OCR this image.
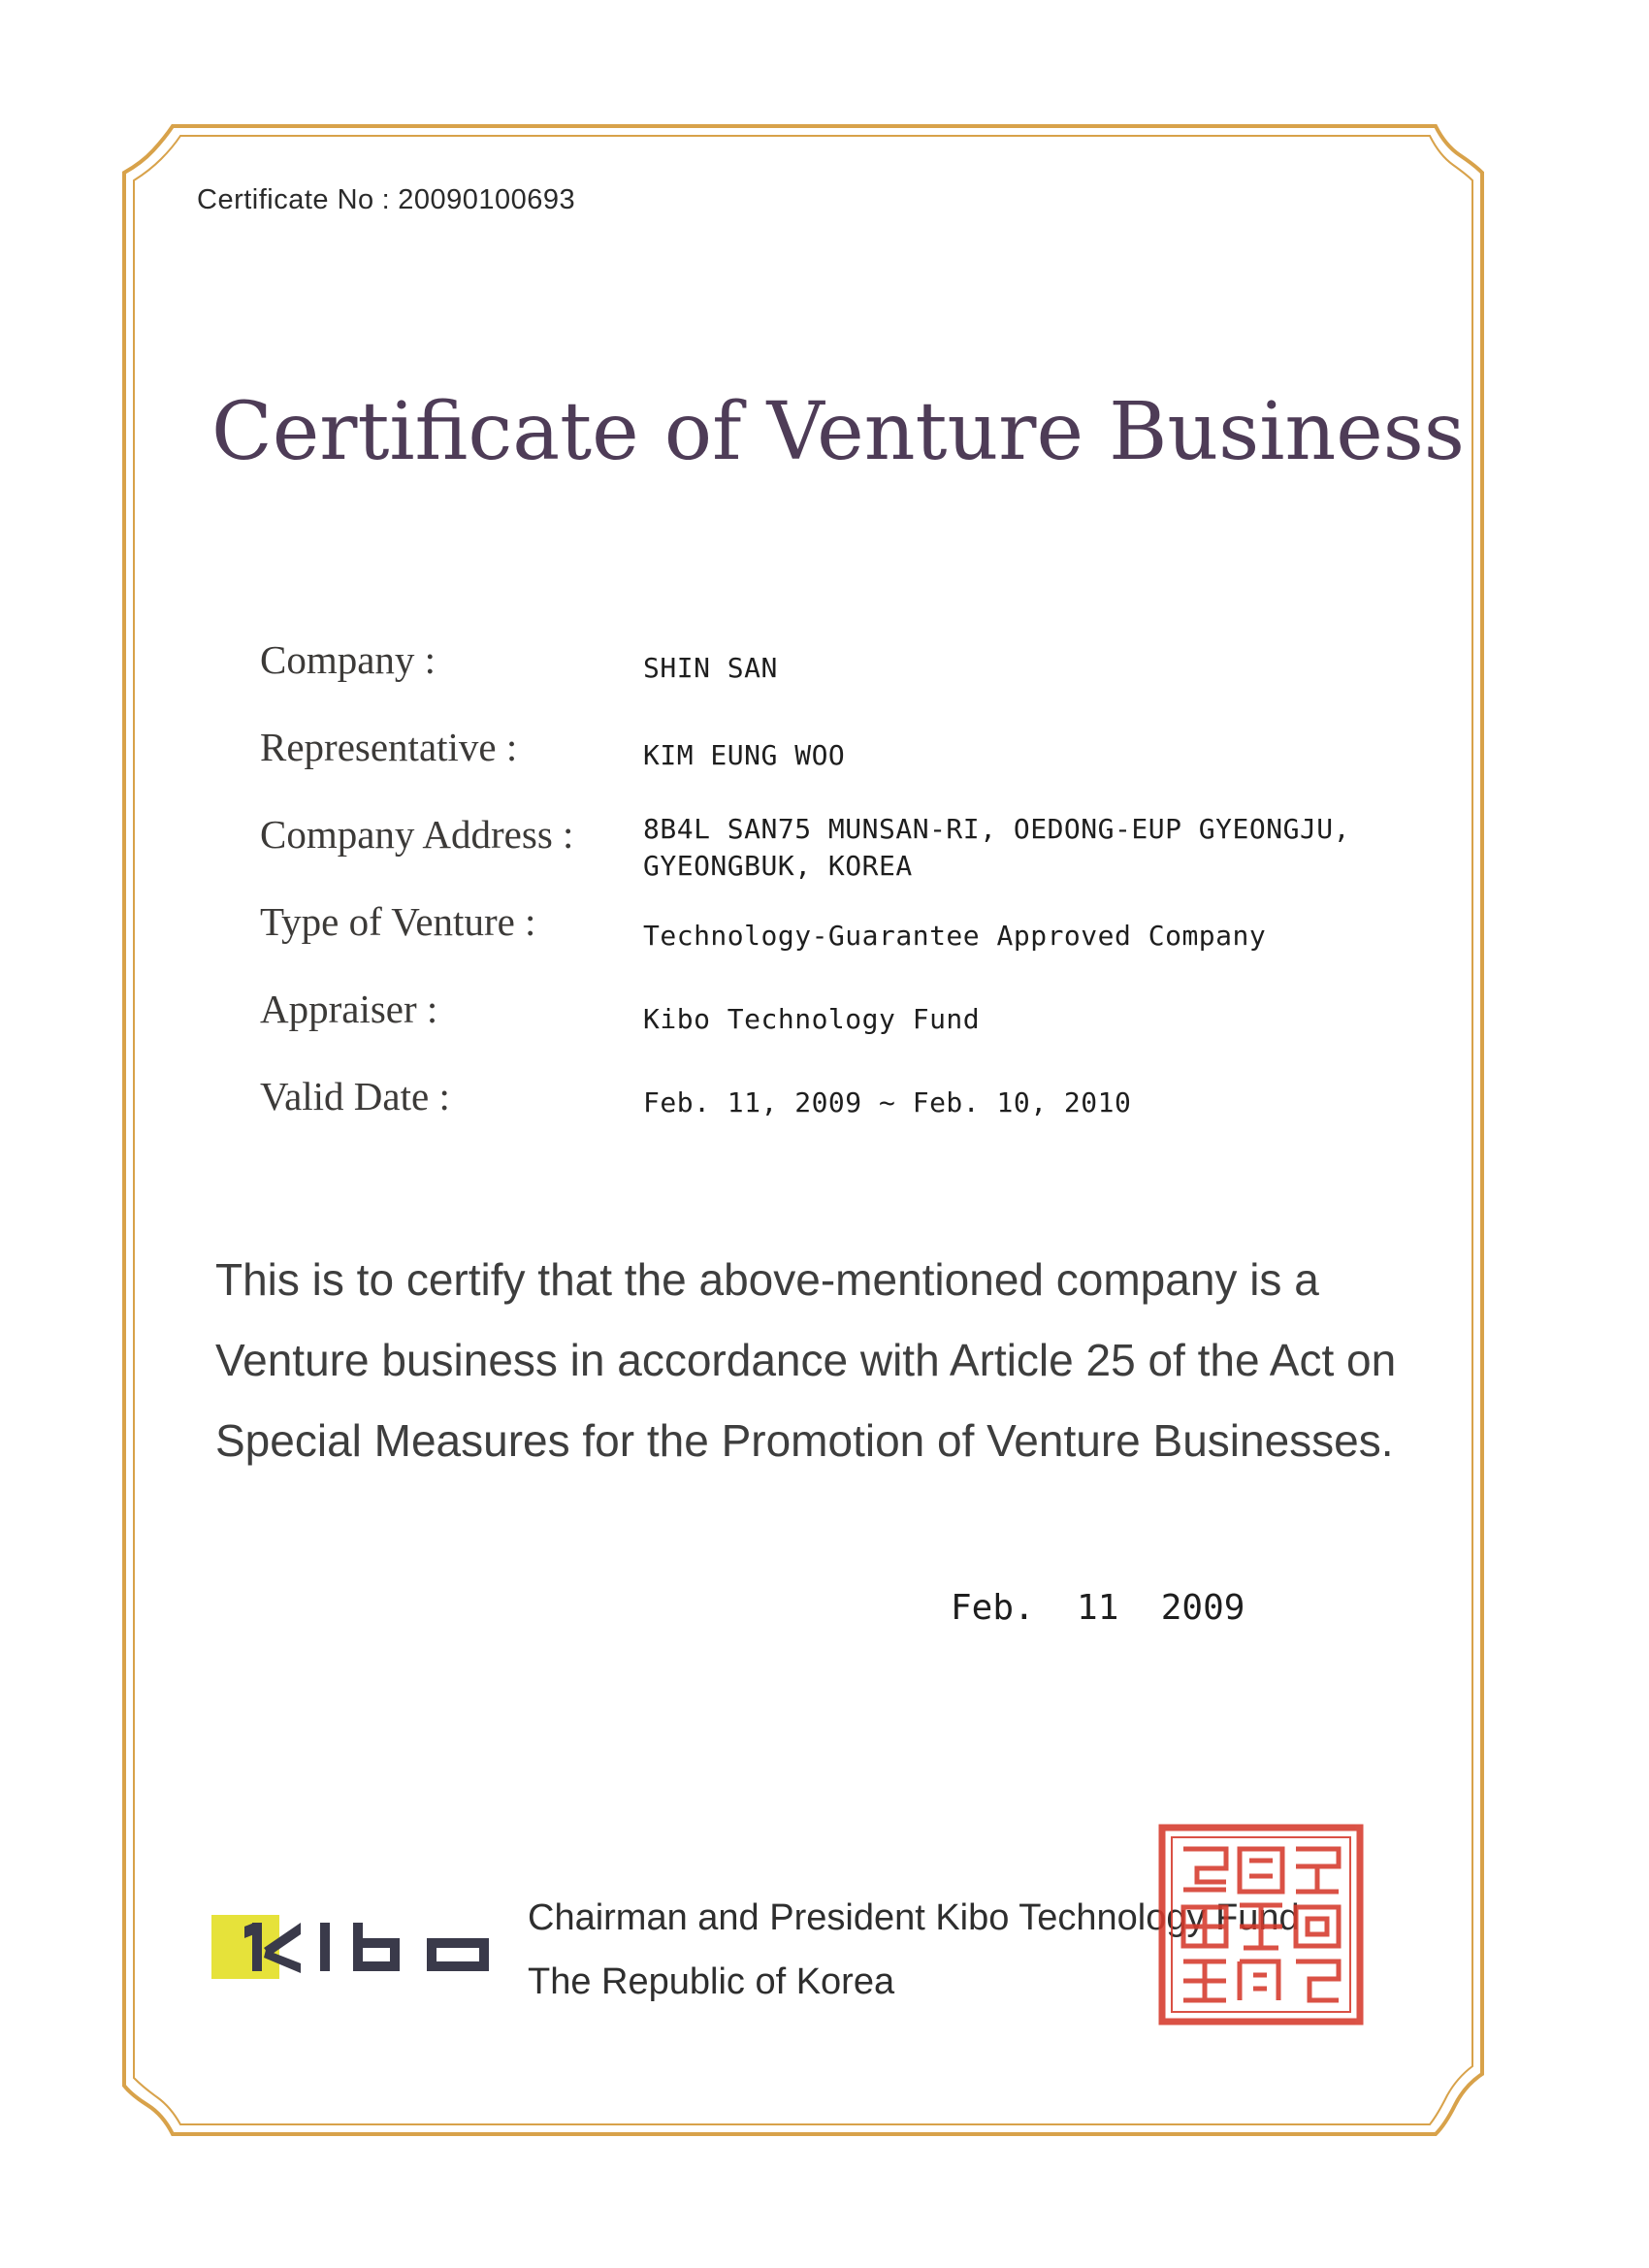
Certificate No : 20090100693
Certificate of Venture Business
Company :	SHIN SAN
Representative :	KIM EUNG WOO
Company Address :	8B4L SAN75 MUNSAN-RI, OEDONG-EUP GYEONGJU,
GYEONGBUK, KOREA
Type of Venture :	Technology-Guarantee Approved Company
Appraiser :	Kibo Technology Fund
Valid Date :	Feb. 11, 2009 ~ Feb. 10, 2010
This is to certify that the above-mentioned company is a Venture business in accordance with Article 25 of the Act on Special Measures for the Promotion of Venture Businesses.
Feb.  11  2009
Chairman and President Kibo Technology Fund
The Republic of Korea
